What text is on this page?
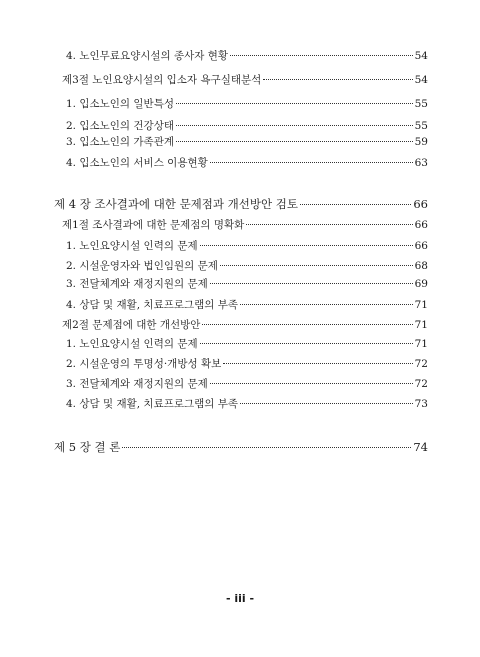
4. 노인무료요양시설의 종사자 현황	54
제3절 노인요양시설의 입소자 욕구실태분석	54
1. 입소노인의 일반특성	55
2. 입소노인의 건강상태	55
3. 입소노인의 가족관계	59
4. 입소노인의 서비스 이용현황	63
제 4 장 조사결과에 대한 문제점과 개선방안 검토	66
제1절 조사결과에 대한 문제점의 명확화	66
1. 노인요양시설 인력의 문제	66
2. 시설운영자와 법인임원의 문제	68
3. 전달체계와 재정지원의 문제	69
4. 상담 및 재활, 치료프로그램의 부족	71
제2절 문제점에 대한 개선방안	71
1. 노인요양시설 인력의 문제	71
2. 시설운영의 투명성·개방성 확보	72
3. 전달체계와 재정지원의 문제	72
4. 상담 및 재활, 치료프로그램의 부족	73
제 5 장 결 론	74
- iii -
